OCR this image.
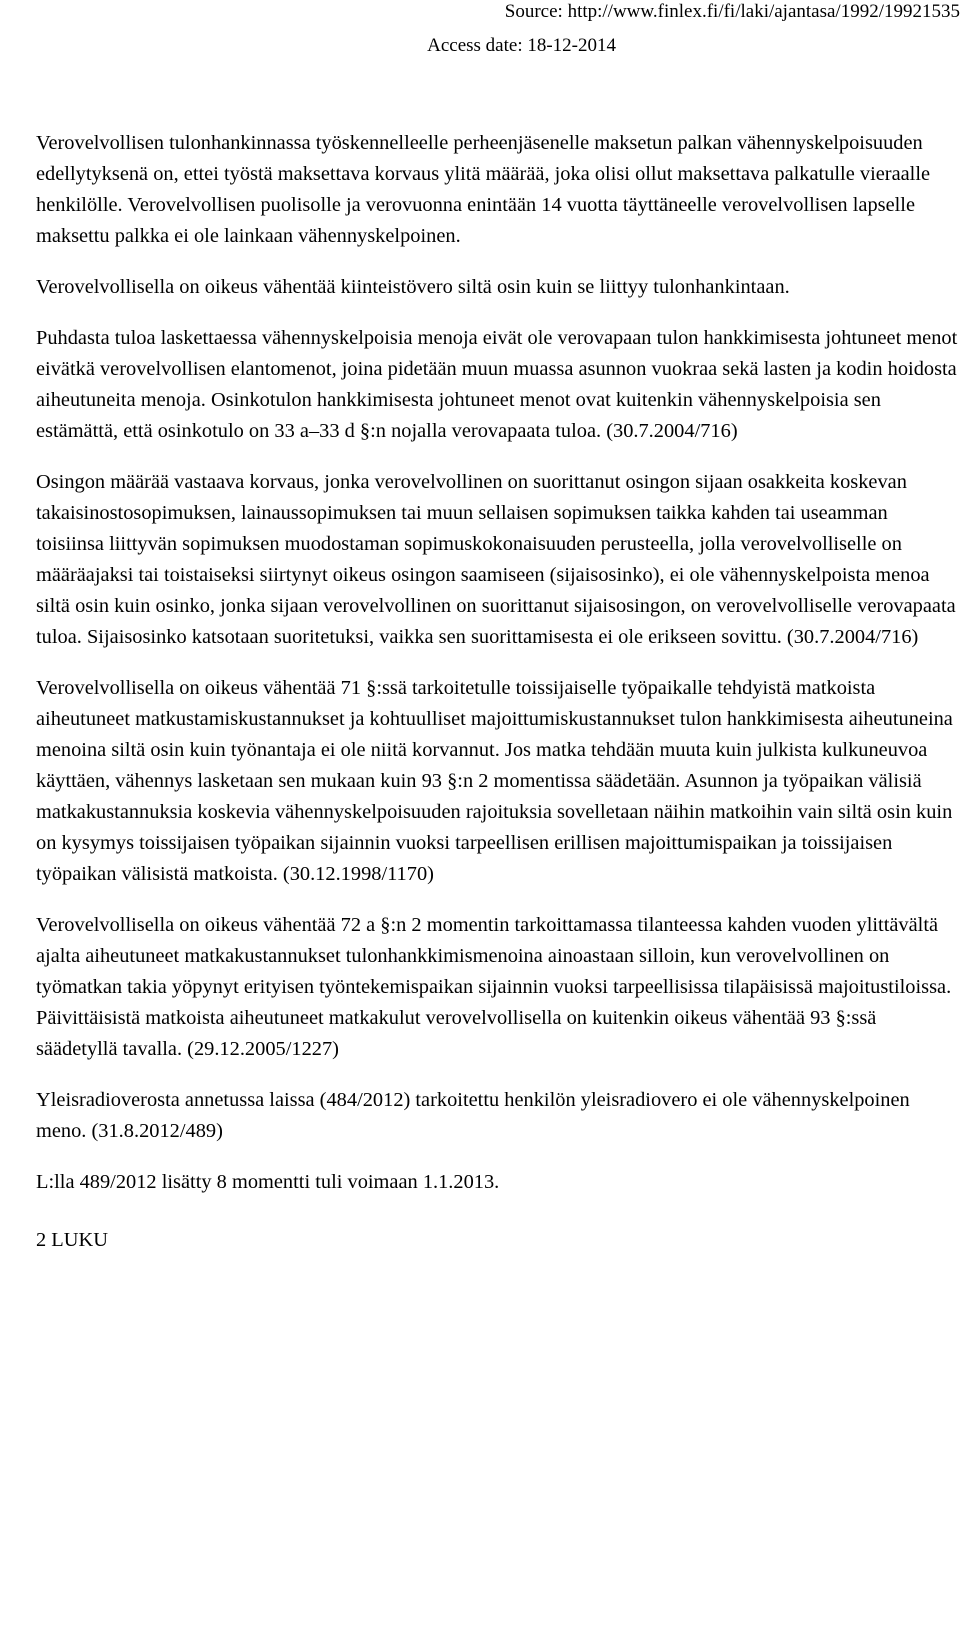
Source: http://www.finlex.fi/fi/laki/ajantasa/1992/19921535
Access date: 18-12-2014

Verovelvollisen tulonhankinnassa työskennelleelle perheenjäsenelle maksetun palkan vähennyskelpoisuuden edellytyksenä on, ettei työstä maksettava korvaus ylitä määrää, joka olisi ollut maksettava palkatulle vieraalle henkilölle. Verovelvollisen puolisolle ja verovuonna enintään 14 vuotta täyttäneelle verovelvollisen lapselle maksettu palkka ei ole lainkaan vähennyskelpoinen.

Verovelvollisella on oikeus vähentää kiinteistövero siltä osin kuin se liittyy tulonhankintaan.

Puhdasta tuloa laskettaessa vähennyskelpoisia menoja eivät ole verovapaan tulon hankkimisesta johtuneet menot eivätkä verovelvollisen elantomenot, joina pidetään muun muassa asunnon vuokraa sekä lasten ja kodin hoidosta aiheutuneita menoja. Osinkotulon hankkimisesta johtuneet menot ovat kuitenkin vähennyskelpoisia sen estämättä, että osinkotulo on 33 a–33 d §:n nojalla verovapaata tuloa. (30.7.2004/716)

Osingon määrää vastaava korvaus, jonka verovelvollinen on suorittanut osingon sijaan osakkeita koskevan takaisinostosopimuksen, lainaussopimuksen tai muun sellaisen sopimuksen taikka kahden tai useamman toisiinsa liittyvän sopimuksen muodostaman sopimuskokonaisuuden perusteella, jolla verovelvolliselle on määräajaksi tai toistaiseksi siirtynyt oikeus osingon saamiseen (sijaisosinko), ei ole vähennyskelpoista menoa siltä osin kuin osinko, jonka sijaan verovelvollinen on suorittanut sijaisosingon, on verovelvolliselle verovapaata tuloa. Sijaisosinko katsotaan suoritetuksi, vaikka sen suorittamisesta ei ole erikseen sovittu. (30.7.2004/716)

Verovelvollisella on oikeus vähentää 71 §:ssä tarkoitetulle toissijaiselle työpaikalle tehdyistä matkoista aiheutuneet matkustamiskustannukset ja kohtuulliset majoittumiskustannukset tulon hankkimisesta aiheutuneina menoina siltä osin kuin työnantaja ei ole niitä korvannut. Jos matka tehdään muuta kuin julkista kulkuneuvoa käyttäen, vähennys lasketaan sen mukaan kuin 93 §:n 2 momentissa säädetään. Asunnon ja työpaikan välisiä matkakustannuksia koskevia vähennyskelpoisuuden rajoituksia sovelletaan näihin matkoihin vain siltä osin kuin on kysymys toissijaisen työpaikan sijainnin vuoksi tarpeellisen erillisen majoittumispaikan ja toissijaisen työpaikan välisistä matkoista. (30.12.1998/1170)

Verovelvollisella on oikeus vähentää 72 a §:n 2 momentin tarkoittamassa tilanteessa kahden vuoden ylittävältä ajalta aiheutuneet matkakustannukset tulonhankkimismenoina ainoastaan silloin, kun verovelvollinen on työmatkan takia yöpynyt erityisen työntekemispaikan sijainnin vuoksi tarpeellisissa tilapäisissä majoitustiloissa. Päivittäisistä matkoista aiheutuneet matkakulut verovelvollisella on kuitenkin oikeus vähentää 93 §:ssä säädetyllä tavalla. (29.12.2005/1227)

Yleisradioverosta annetussa laissa (484/2012) tarkoitettu henkilön yleisradiovero ei ole vähennyskelpoinen meno. (31.8.2012/489)

L:lla 489/2012 lisätty 8 momentti tuli voimaan 1.1.2013.

2 LUKU
